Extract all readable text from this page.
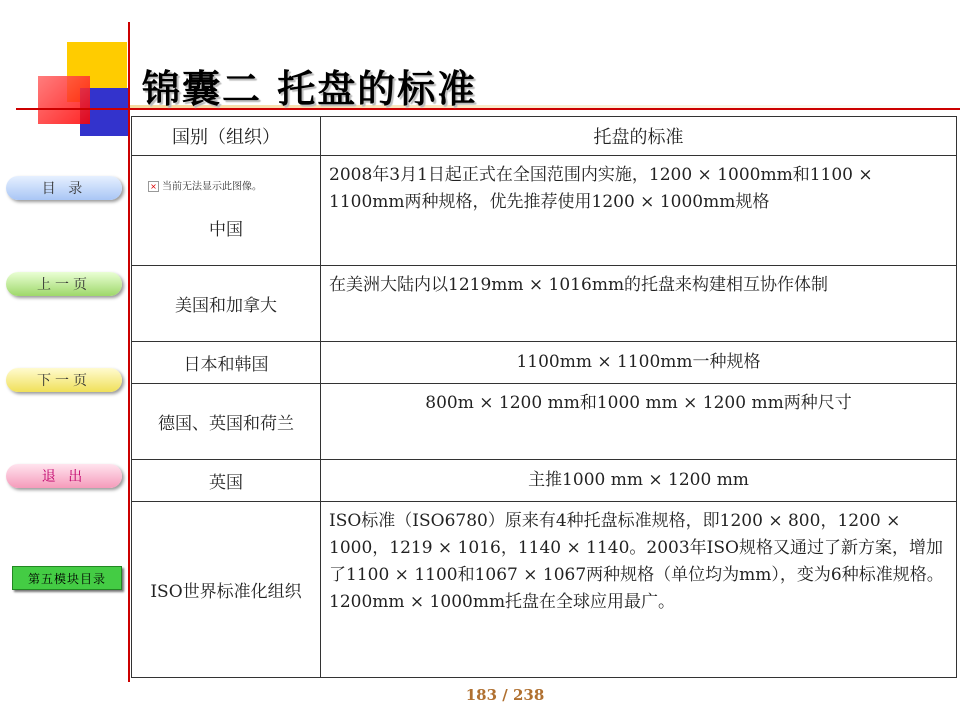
锦囊二 托盘的标准
目 录
上一页
下一页
退 出
第五模块目录
国别（组织）	托盘的标准

× 当前无法显示此图像。
中国	2008年3月1日起正式在全国范围内实施，1200 × 1000mm和1100 × 1100mm两种规格，优先推荐使用1200 × 1000mm规格
美国和加拿大	在美洲大陆内以1219mm × 1016mm的托盘来构建相互协作体制
日本和韩国	1100mm × 1100mm一种规格
德国、英国和荷兰	800m × 1200 mm和1000 mm × 1200 mm两种尺寸
英国	主推1000 mm × 1200 mm
ISO世界标准化组织	ISO标准（ISO6780）原来有4种托盘标准规格，即1200 × 800，1200 × 1000，1219 × 1016，1140 × 1140。2003年ISO规格又通过了新方案，增加了1100 × 1100和1067 × 1067两种规格（单位均为mm），变为6种标准规格。1200mm × 1000mm托盘在全球应用最广。
183 / 238
